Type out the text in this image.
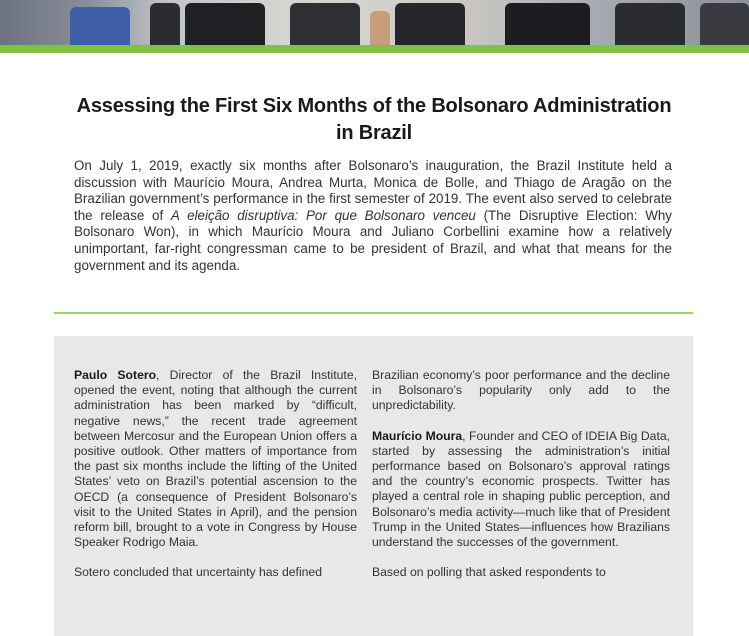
Assessing the First Six Months of the Bolsonaro Administration in Brazil

On July 1, 2019, exactly six months after Bolsonaro’s inauguration, the Brazil Institute held a discussion with Maurício Moura, Andrea Murta, Monica de Bolle, and Thiago de Aragão on the Brazilian government’s performance in the first semester of 2019. The event also served to celebrate the release of A eleição disruptiva: Por que Bolsonaro venceu (The Disruptive Election: Why Bolsonaro Won), in which Maurício Moura and Juliano Corbellini examine how a relatively unimportant, far-right congressman came to be president of Brazil, and what that means for the government and its agenda.

Paulo Sotero, Director of the Brazil Institute, opened the event, noting that although the current administration has been marked by “difficult, negative news,” the recent trade agreement between Mercosur and the European Union offers a positive outlook. Other matters of importance from the past six months include the lifting of the United States’ veto on Brazil’s potential ascension to the OECD (a consequence of President Bolsonaro’s visit to the United States in April), and the pension reform bill, brought to a vote in Congress by House Speaker Rodrigo Maia.

Sotero concluded that uncertainty has defined

Brazilian economy’s poor performance and the decline in Bolsonaro’s popularity only add to the unpredictability.

Maurício Moura, Founder and CEO of IDEIA Big Data, started by assessing the administration’s initial performance based on Bolsonaro’s approval ratings and the country’s economic prospects. Twitter has played a central role in shaping public perception, and Bolsonaro’s media activity—much like that of President Trump in the United States—influences how Brazilians understand the successes of the government.

Based on polling that asked respondents to
